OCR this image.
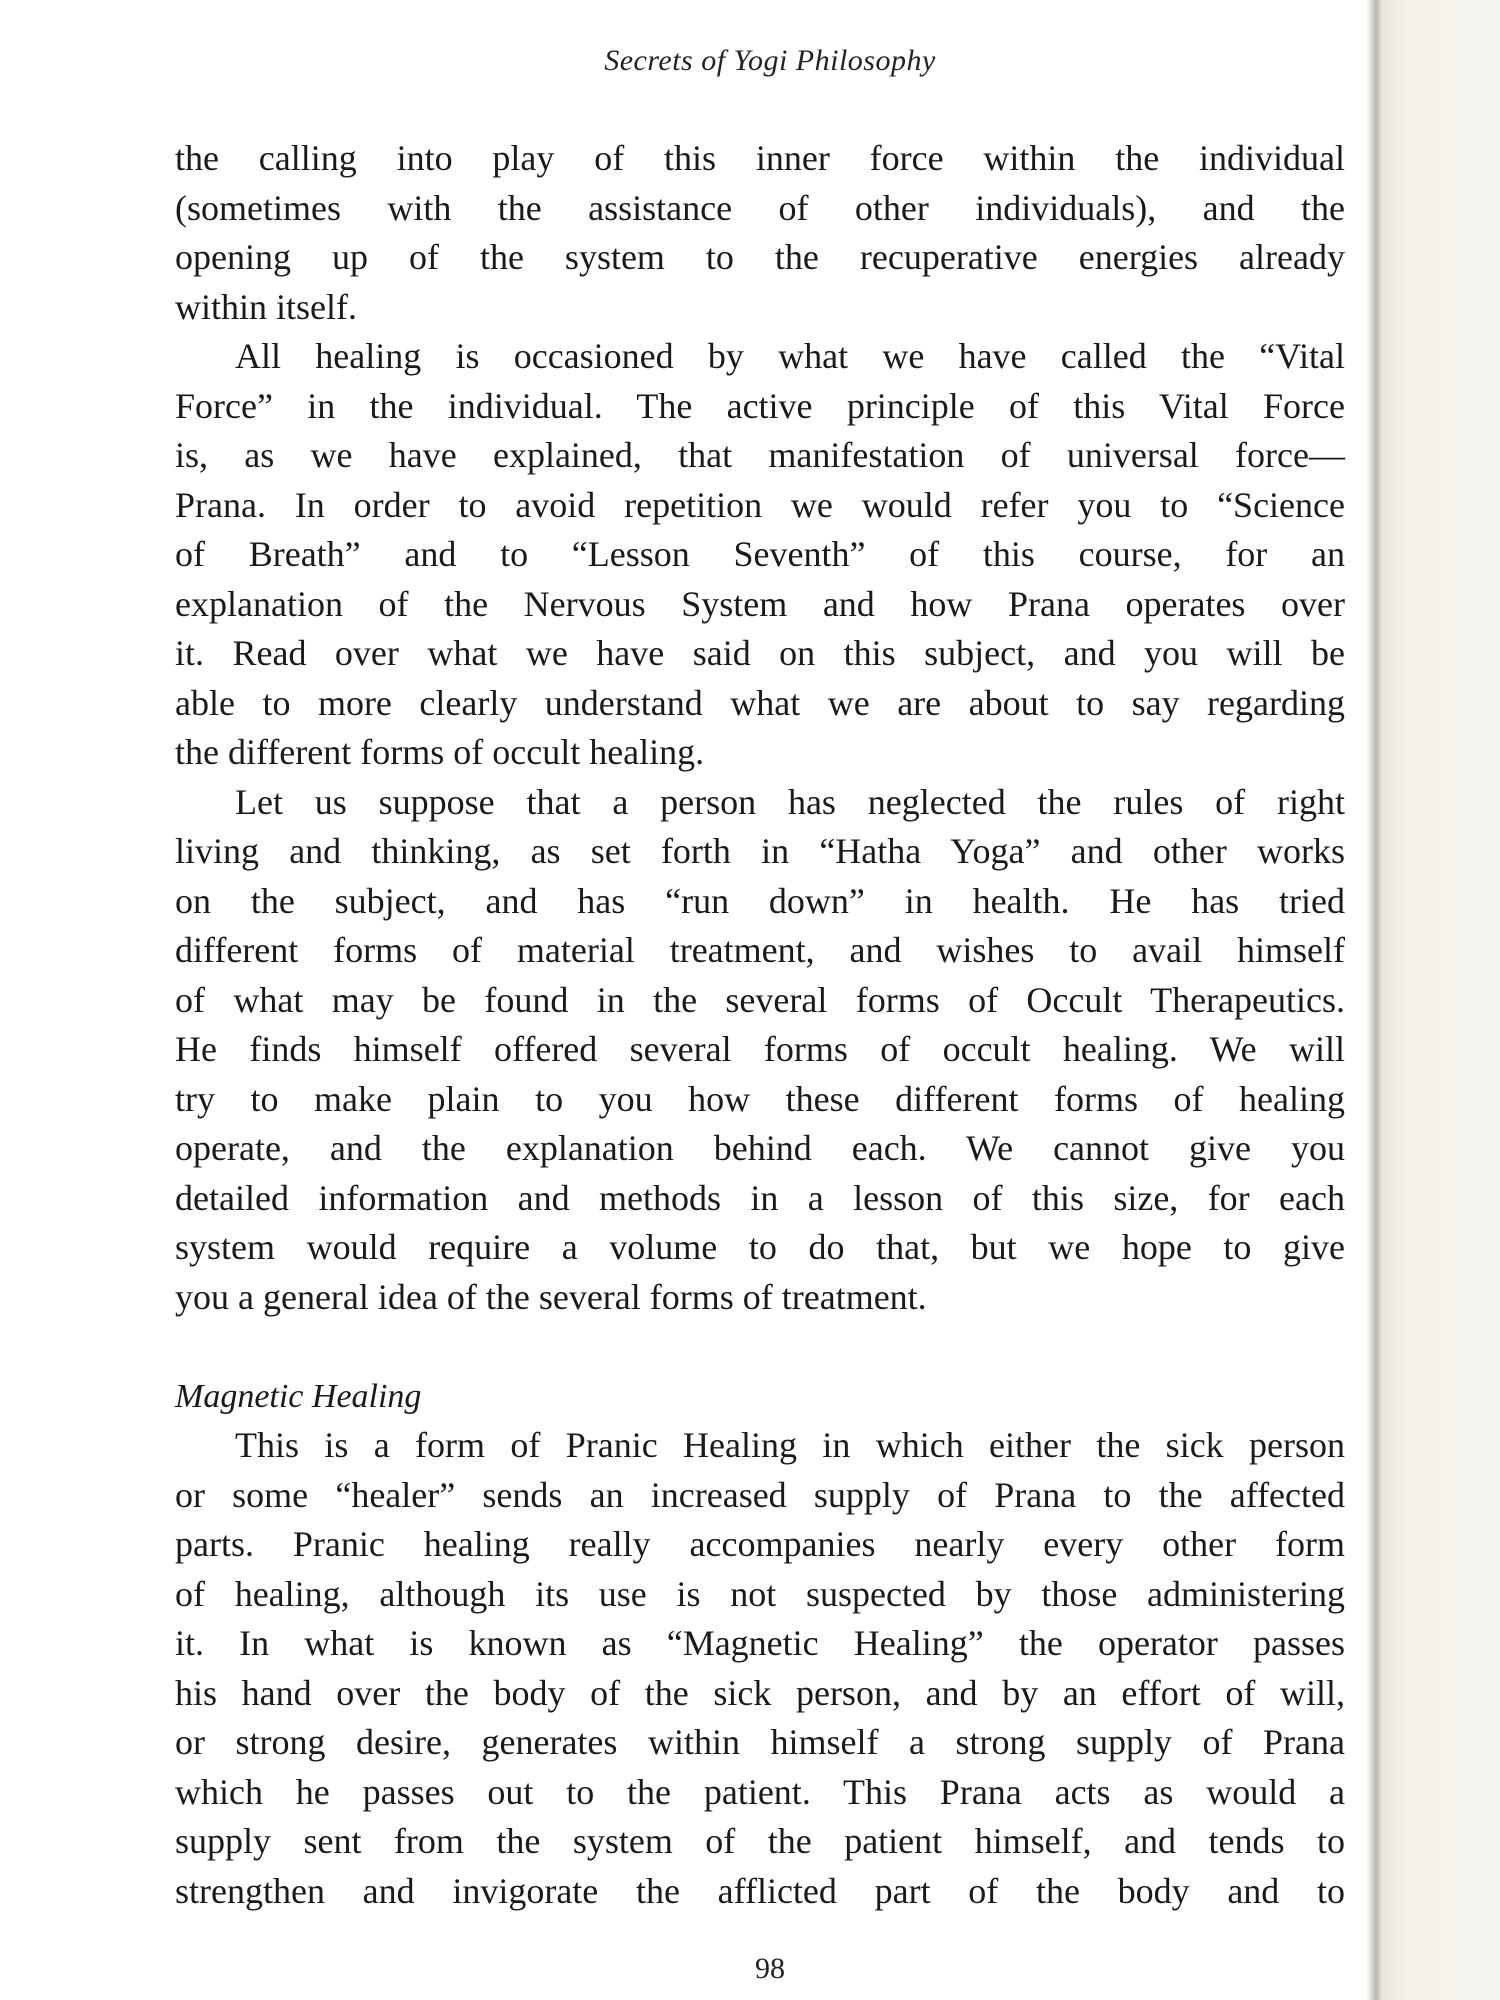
Secrets of Yogi Philosophy
the calling into play of this inner force within the individual
(sometimes with the assistance of other individuals), and the
opening up of the system to the recuperative energies already
within itself.
All healing is occasioned by what we have called the “Vital
Force” in the individual. The active principle of this Vital Force
is, as we have explained, that manifestation of universal force—
Prana. In order to avoid repetition we would refer you to “Science
of Breath” and to “Lesson Seventh” of this course, for an
explanation of the Nervous System and how Prana operates over
it. Read over what we have said on this subject, and you will be
able to more clearly understand what we are about to say regarding
the different forms of occult healing.
Let us suppose that a person has neglected the rules of right
living and thinking, as set forth in “Hatha Yoga” and other works
on the subject, and has “run down” in health. He has tried
different forms of material treatment, and wishes to avail himself
of what may be found in the several forms of Occult Therapeutics.
He finds himself offered several forms of occult healing. We will
try to make plain to you how these different forms of healing
operate, and the explanation behind each. We cannot give you
detailed information and methods in a lesson of this size, for each
system would require a volume to do that, but we hope to give
you a general idea of the several forms of treatment.
Magnetic Healing
This is a form of Pranic Healing in which either the sick person
or some “healer” sends an increased supply of Prana to the affected
parts. Pranic healing really accompanies nearly every other form
of healing, although its use is not suspected by those administering
it. In what is known as “Magnetic Healing” the operator passes
his hand over the body of the sick person, and by an effort of will,
or strong desire, generates within himself a strong supply of Prana
which he passes out to the patient. This Prana acts as would a
supply sent from the system of the patient himself, and tends to
strengthen and invigorate the afflicted part of the body and to
98
